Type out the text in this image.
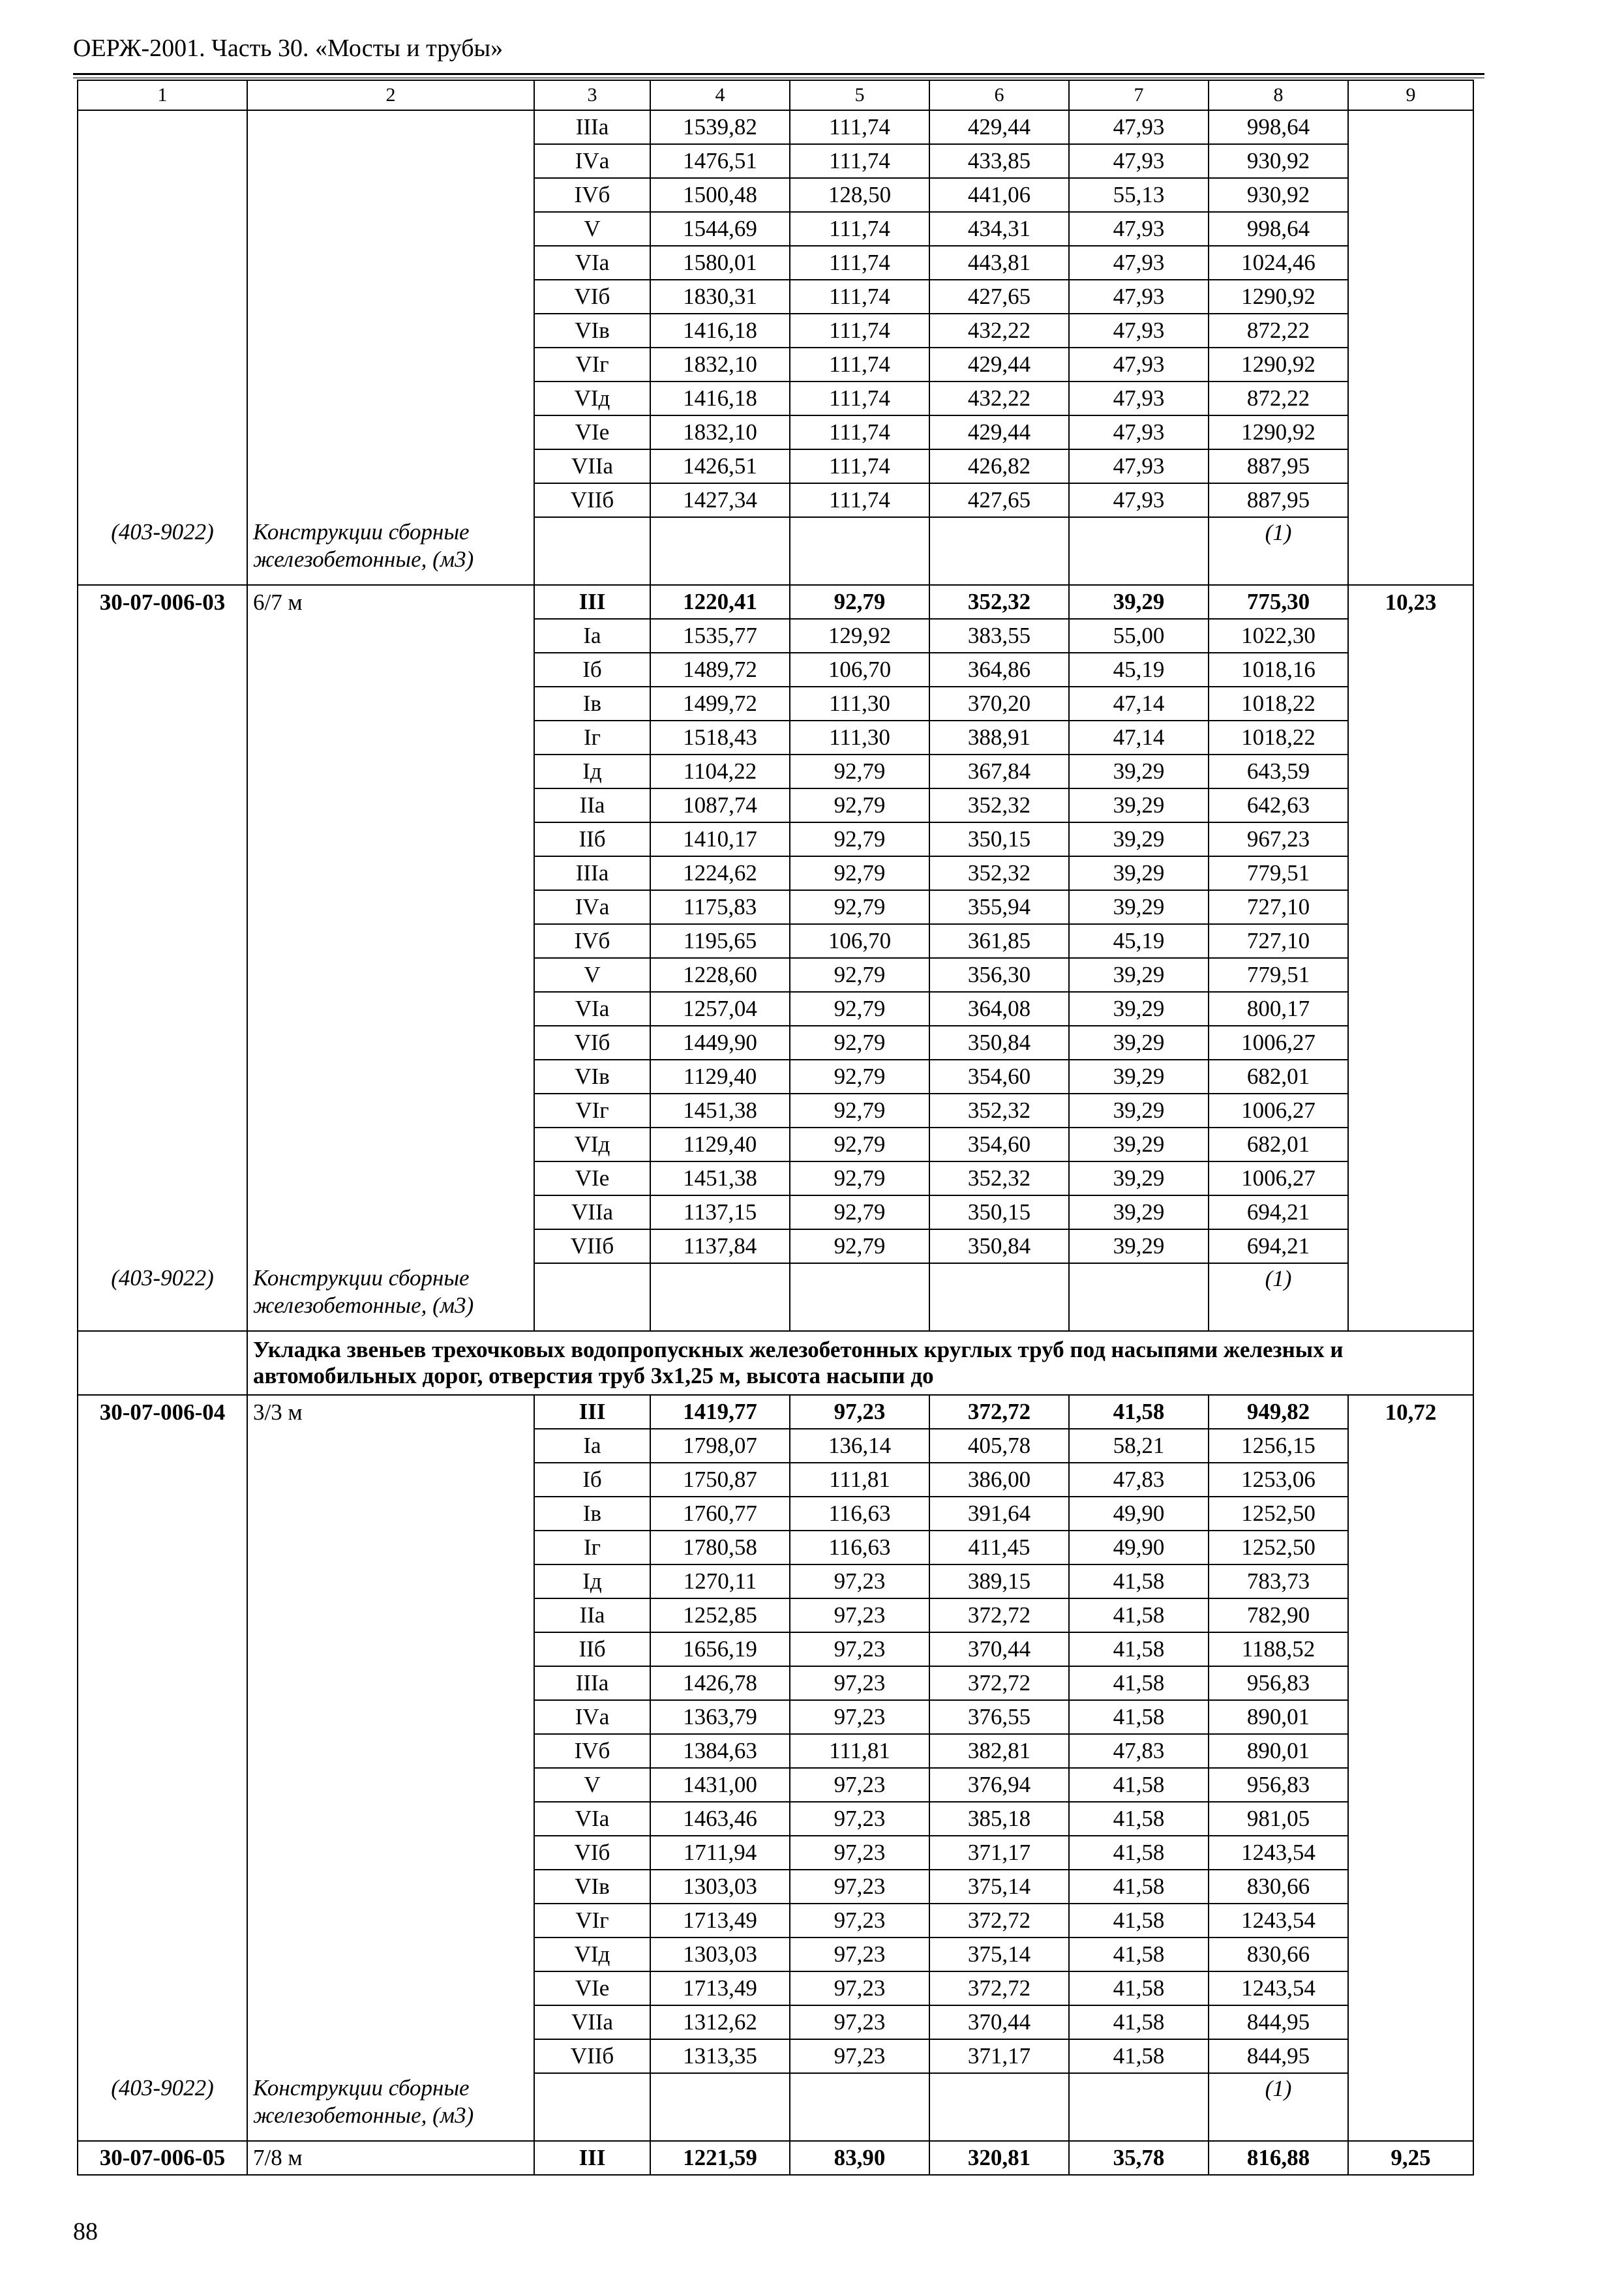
ОЕРЖ-2001. Часть 30. «Мосты и трубы»
1	2	3	4	5	6	7	8	9
		IIIа	1539,82	111,74	429,44	47,93	998,64	
		IVа	1476,51	111,74	433,85	47,93	930,92	
		IVб	1500,48	128,50	441,06	55,13	930,92	
		V	1544,69	111,74	434,31	47,93	998,64	
		VIа	1580,01	111,74	443,81	47,93	1024,46	
		VIб	1830,31	111,74	427,65	47,93	1290,92	
		VIв	1416,18	111,74	432,22	47,93	872,22	
		VIг	1832,10	111,74	429,44	47,93	1290,92	
		VIд	1416,18	111,74	432,22	47,93	872,22	
		VIе	1832,10	111,74	429,44	47,93	1290,92	
		VIIа	1426,51	111,74	426,82	47,93	887,95	
		VIIб	1427,34	111,74	427,65	47,93	887,95	
(403-9022)	Конструкции сборные железобетонные, (м3)						(1)	
30-07-006-03	6/7 м	III	1220,41	92,79	352,32	39,29	775,30	10,23
		Iа	1535,77	129,92	383,55	55,00	1022,30	
		Iб	1489,72	106,70	364,86	45,19	1018,16	
		Iв	1499,72	111,30	370,20	47,14	1018,22	
		Iг	1518,43	111,30	388,91	47,14	1018,22	
		Iд	1104,22	92,79	367,84	39,29	643,59	
		IIа	1087,74	92,79	352,32	39,29	642,63	
		IIб	1410,17	92,79	350,15	39,29	967,23	
		IIIа	1224,62	92,79	352,32	39,29	779,51	
		IVа	1175,83	92,79	355,94	39,29	727,10	
		IVб	1195,65	106,70	361,85	45,19	727,10	
		V	1228,60	92,79	356,30	39,29	779,51	
		VIа	1257,04	92,79	364,08	39,29	800,17	
		VIб	1449,90	92,79	350,84	39,29	1006,27	
		VIв	1129,40	92,79	354,60	39,29	682,01	
		VIг	1451,38	92,79	352,32	39,29	1006,27	
		VIд	1129,40	92,79	354,60	39,29	682,01	
		VIе	1451,38	92,79	352,32	39,29	1006,27	
		VIIа	1137,15	92,79	350,15	39,29	694,21	
		VIIб	1137,84	92,79	350,84	39,29	694,21	
(403-9022)	Конструкции сборные железобетонные, (м3)						(1)	
	Укладка звеньев трехочковых водопропускных железобетонных круглых труб под насыпями железных и автомобильных дорог, отверстия труб 3х1,25 м, высота насыпи до							
30-07-006-04	3/3 м	III	1419,77	97,23	372,72	41,58	949,82	10,72
		Iа	1798,07	136,14	405,78	58,21	1256,15	
		Iб	1750,87	111,81	386,00	47,83	1253,06	
		Iв	1760,77	116,63	391,64	49,90	1252,50	
		Iг	1780,58	116,63	411,45	49,90	1252,50	
		Iд	1270,11	97,23	389,15	41,58	783,73	
		IIа	1252,85	97,23	372,72	41,58	782,90	
		IIб	1656,19	97,23	370,44	41,58	1188,52	
		IIIа	1426,78	97,23	372,72	41,58	956,83	
		IVа	1363,79	97,23	376,55	41,58	890,01	
		IVб	1384,63	111,81	382,81	47,83	890,01	
		V	1431,00	97,23	376,94	41,58	956,83	
		VIа	1463,46	97,23	385,18	41,58	981,05	
		VIб	1711,94	97,23	371,17	41,58	1243,54	
		VIв	1303,03	97,23	375,14	41,58	830,66	
		VIг	1713,49	97,23	372,72	41,58	1243,54	
		VIд	1303,03	97,23	375,14	41,58	830,66	
		VIе	1713,49	97,23	372,72	41,58	1243,54	
		VIIа	1312,62	97,23	370,44	41,58	844,95	
		VIIб	1313,35	97,23	371,17	41,58	844,95	
(403-9022)	Конструкции сборные железобетонные, (м3)						(1)	
30-07-006-05	7/8 м	III	1221,59	83,90	320,81	35,78	816,88	9,25
88
